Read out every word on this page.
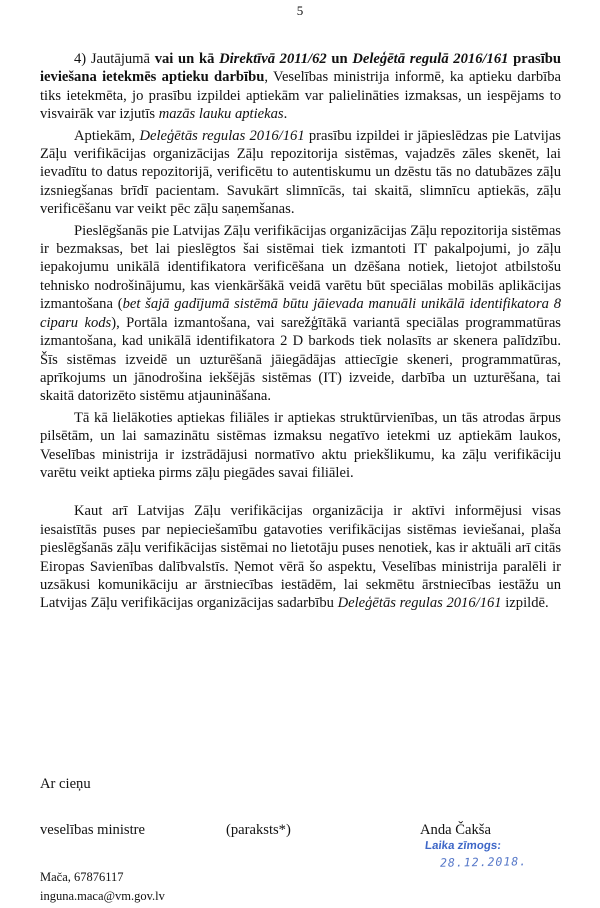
5

4) Jautājumā vai un kā Direktīvā 2011/62 un Deleģētā regulā 2016/161 prasību ieviešana ietekmēs aptieku darbību, Veselības ministrija informē, ka aptieku darbība tiks ietekmēta, jo prasību izpildei aptiekām var palielināties izmaksas, un iespējams to visvairāk var izjutīs mazās lauku aptiekas.

Aptiekām, Deleģētās regulas 2016/161 prasību izpildei ir jāpieslēdzas pie Latvijas Zāļu verifikācijas organizācijas Zāļu repozitorija sistēmas, vajadzēs zāles skenēt, lai ievadītu to datus repozitorijā, verificētu to autentiskumu un dzēstu tās no datubāzes zāļu izsniegšanas brīdī pacientam. Savukārt slimnīcās, tai skaitā, slimnīcu aptiekās, zāļu verificēšanu var veikt pēc zāļu saņemšanas.

Pieslēgšanās pie Latvijas Zāļu verifikācijas organizācijas Zāļu repozitorija sistēmas ir bezmaksas, bet lai pieslēgtos šai sistēmai tiek izmantoti IT pakalpojumi, jo zāļu iepakojumu unikālā identifikatora verificēšana un dzēšana notiek, lietojot atbilstošu tehnisko nodrošinājumu, kas vienkāršākā veidā varētu būt speciālas mobilās aplikācijas izmantošana (bet šajā gadījumā sistēmā būtu jāievada manuāli unikālā identifikatora 8 ciparu kods), Portāla izmantošana, vai sarežģītākā variantā speciālas programmatūras izmantošana, kad unikālā identifikatora 2 D barkods tiek nolasīts ar skenera palīdzību. Šīs sistēmas izveidē un uzturēšanā jāiegādājas attiecīgie skeneri, programmatūras, aprīkojums un jānodrošina iekšējās sistēmas (IT) izveide, darbība un uzturēšana, tai skaitā datorizēto sistēmu atjaunināšana.

Tā kā lielākoties aptiekas filiāles ir aptiekas struktūrvienības, un tās atrodas ārpus pilsētām, un lai samazinātu sistēmas izmaksu negatīvo ietekmi uz aptiekām laukos, Veselības ministrija ir izstrādājusi normatīvo aktu priekšlikumu, ka zāļu verifikāciju varētu veikt aptieka pirms zāļu piegādes savai filiālei.

Kaut arī Latvijas Zāļu verifikācijas organizācija ir aktīvi informējusi visas iesaistītās puses par nepieciešamību gatavoties verifikācijas sistēmas ieviešanai, plaša pieslēgšanās zāļu verifikācijas sistēmai no lietotāju puses nenotiek, kas ir aktuāli arī citās Eiropas Savienības dalībvalstīs. Ņemot vērā šo aspektu, Veselības ministrija paralēli ir uzsākusi komunikāciju ar ārstniecības iestādēm, lai sekmētu ārstniecības iestāžu un Latvijas Zāļu verifikācijas organizācijas sadarbību Deleģētās regulas 2016/161 izpildē.

Ar cieņu
veselības ministre	(paraksts*)	Anda Čakša
Laika zīmogs:
28.12.2018.
Mača, 67876117
inguna.maca@vm.gov.lv
